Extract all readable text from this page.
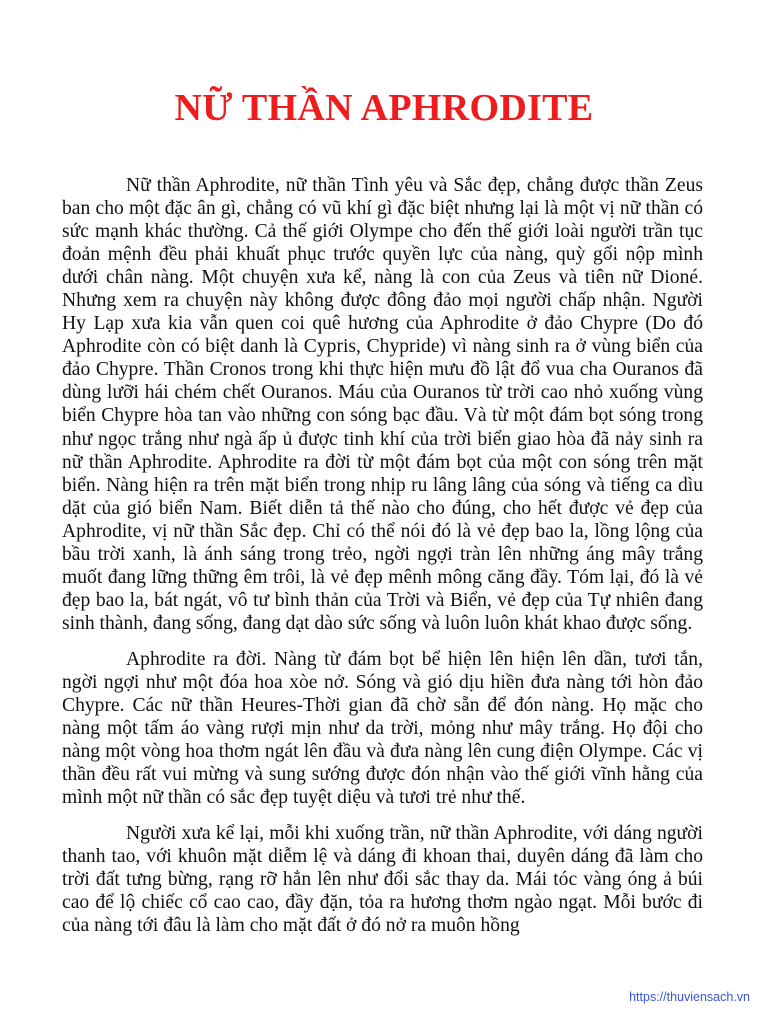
NỮ THẦN APHRODITE

Nữ thần Aphrodite, nữ thần Tình yêu và Sắc đẹp, chẳng được thần Zeus ban cho một đặc ân gì, chẳng có vũ khí gì đặc biệt nhưng lại là một vị nữ thần có sức mạnh khác thường. Cả thế giới Olympe cho đến thế giới loài người trần tục đoản mệnh đều phải khuất phục trước quyền lực của nàng, quỳ gối nộp mình dưới chân nàng. Một chuyện xưa kể, nàng là con của Zeus và tiên nữ Dioné. Nhưng xem ra chuyện này không được đông đảo mọi người chấp nhận. Người Hy Lạp xưa kia vẫn quen coi quê hương của Aphrodite ở đảo Chypre (Do đó Aphrodite còn có biệt danh là Cypris, Chypride) vì nàng sinh ra ở vùng biển của đảo Chypre. Thần Cronos trong khi thực hiện mưu đồ lật đổ vua cha Ouranos đã dùng lưỡi hái chém chết Ouranos. Máu của Ouranos từ trời cao nhỏ xuống vùng biển Chypre hòa tan vào những con sóng bạc đầu. Và từ một đám bọt sóng trong như ngọc trắng như ngà ấp ủ được tinh khí của trời biển giao hòa đã nảy sinh ra nữ thần Aphrodite. Aphrodite ra đời từ một đám bọt của một con sóng trên mặt biển. Nàng hiện ra trên mặt biển trong nhịp ru lâng lâng của sóng và tiếng ca dìu dặt của gió biển Nam. Biết diễn tả thế nào cho đúng, cho hết được vẻ đẹp của Aphrodite, vị nữ thần Sắc đẹp. Chỉ có thể nói đó là vẻ đẹp bao la, lồng lộng của bầu trời xanh, là ánh sáng trong trẻo, ngời ngợi tràn lên những áng mây trắng muốt đang lững thững êm trôi, là vẻ đẹp mênh mông căng đầy. Tóm lại, đó là vẻ đẹp bao la, bát ngát, vô tư bình thản của Trời và Biển, vẻ đẹp của Tự nhiên đang sinh thành, đang sống, đang dạt dào sức sống và luôn luôn khát khao được sống.

Aphrodite ra đời. Nàng từ đám bọt bể hiện lên hiện lên dần, tươi tắn, ngời ngợi như một đóa hoa xòe nở. Sóng và gió dịu hiền đưa nàng tới hòn đảo Chypre. Các nữ thần Heures-Thời gian đã chờ sẵn để đón nàng. Họ mặc cho nàng một tấm áo vàng rượi mịn như da trời, mỏng như mây trắng. Họ đội cho nàng một vòng hoa thơm ngát lên đầu và đưa nàng lên cung điện Olympe. Các vị thần đều rất vui mừng và sung sướng được đón nhận vào thế giới vĩnh hằng của mình một nữ thần có sắc đẹp tuyệt diệu và tươi trẻ như thế.

Người xưa kể lại, mỗi khi xuống trần, nữ thần Aphrodite, với dáng người thanh tao, với khuôn mặt diễm lệ và dáng đi khoan thai, duyên dáng đã làm cho trời đất tưng bừng, rạng rỡ hẳn lên như đổi sắc thay da. Mái tóc vàng óng ả búi cao để lộ chiếc cổ cao cao, đầy đặn, tỏa ra hương thơm ngào ngạt. Mỗi bước đi của nàng tới đâu là làm cho mặt đất ở đó nở ra muôn hồng

https://thuviensach.vn
